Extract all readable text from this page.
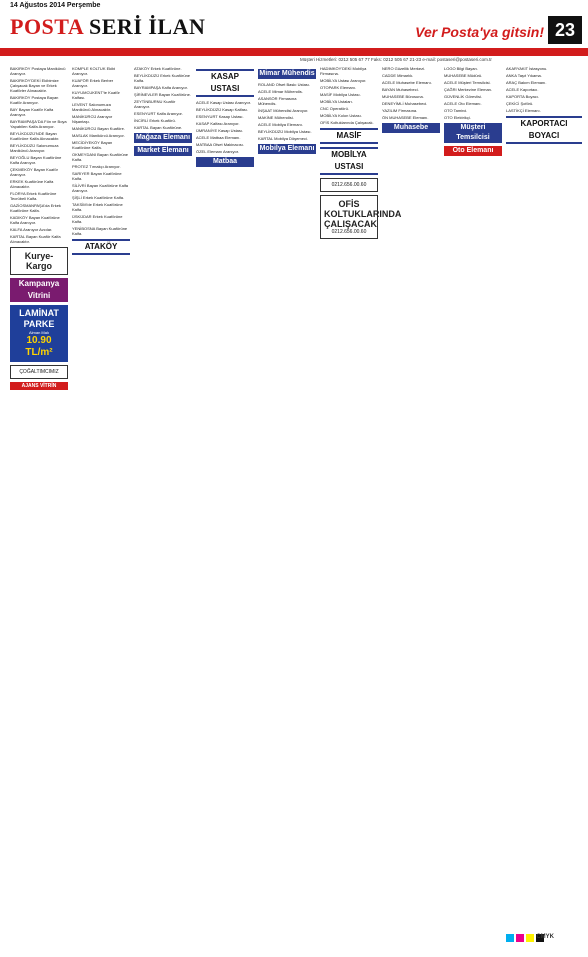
14 Ağustos 2014 Perşembe
POSTA SERİ İLAN	Ver Posta'ya gitsin! 23
Müşteri Hizmetleri: 0212 505 67 77 Faks: 0212 505 67 21-23 e-mail: postaseri@postaseri.com.tr

BAKIRKÖY Postaya Manikürcü Aranıyor.

BAKIRKÖY'DEKİ Ekibimize Çalışacak Bayan ve Erkek Kuaförler Alınacaktır.

BAKIRKÖY Postaya Bayan Kuaför Aranıyor.

BAY Bayan Kuaför Kalfa Aranıyor.

BAYRAMPAŞA'DA Fön ve Boya Yapabilen Kalfa Aranıyor.

BEYLİKDÜZÜ'NDE Bayan Kuaförüne Kalfa Alınacaktır.

BEYLİKDÜZÜ Salonumuza Manikürcü Aranıyor.

BEYOĞLU Bayan Kuaförüne Kalfa Aranıyor.

ÇEKMEKÖY Bayan Kuaför Aranıyor.

ERKEK Kuaförüne Kalfa Alınacaktır.

FLORYA Erkek Kuaförüne Tecrübeli Kalfa.

GAZİOSMANPAŞA'da Erkek Kuaförüne Kalfa.

KADIKÖY Bayan Kuaförüne Kalfa Aranıyor.

KALFA Aranıyor Avcılar.

KARTAL Bayan Kuaför Kalfa Alınacaktır.

Kurye-Kargo
Kampanya Vitrini
LAMİNAT PARKE
Alman Malı
10.90 TL/m²
ÇOĞALTIMCIMIZ
AJANS VİTRİN

KOMPLE KOLTUK Ekibi Aranıyor.

KUAFÖR Erkek Berber Aranıyor.

KUYUMCUKENT'te Kuaför Kalfası.

LEVENT Salonumuza Manikürcü Alınacaktır.

MANİKÜRCÜ Aranıyor Nişantaşı.

MANİKÜRCÜ Bayan Kuaföre.

MASLAK Manikürcü Aranıyor.

MECİDİYEKÖY Bayan Kuaförüne Kalfa.

OKMEYDANI Bayan Kuaförüne Kalfa.

PROTEZ Tırnakçı Aranıyor.

SARIYER Bayan Kuaförüne Kalfa.

SİLİVRİ Bayan Kuaförüne Kalfa Aranıyor.

ŞİŞLİ Erkek Kuaförüne Kalfa.

TAKSİM'de Erkek Kuaförüne Kalfa.

ÜSKÜDAR Erkek Kuaförüne Kalfa.

YENİBOSNA Bayan Kuaförüne Kalfa.

ATAKÖY

ATAKÖY Erkek Kuaförüne.

BEYLİKDÜZÜ Erkek Kuaförüne Kalfa.

BAYRAMPAŞA Kalfa Aranıyor.

ŞİRİNEVLER Bayan Kuaförüne.

ZEYTİNBURNU Kuaför Aranıyor.

ESENYURT Kalfa Aranıyor.

İNCİRLİ Erkek Kuaförü.

KARTAL Bayan Kuaförüne.

Mağaza Elemanı
Market Elemanı
KASAP USTASI

ACELE Kasap Ustası Aranıyor.

BEYLİKDÜZÜ Kasap Kalfası.

ESENYURT Kasap Ustası.

KASAP Kalfası Aranıyor.

ÜMRANİYE Kasap Ustası.

ACELE Matbaa Elemanı.

MATBAA Ofset Makinacısı.

ÖZEL Elemanı Aranıyor.

Matbaa
Mimar Mühendis

ROLAND Ofset Baskı Ustası.

ACELE Mimar Mühendis.

ASANSÖR Firmasına Mühendis.

İNŞAAT Mühendisi Aranıyor.

MAKİNE Mühendisi.

ACELE Mobilya Elemanı.

BEYLİKDÜZÜ Mobilya Ustası.

KARTAL Mobilya Döşemeci.

Mobilya Elemanı

HADIMKÖY'DEKİ Mobilya Firmasına.

MOBİLYA Ustası Aranıyor.

OTOPARK Elemanı.

MASİF Mobilya Ustası.

MOBİLYA Ustaları.

CNC Operatörü.

MOBİLYA Kolon Ustası.

OFİS Koltuklarında Çalışacak.

MASİF
MOBİLYA USTASI
0212.656.00.60
OFİS KOLTUKLARINDA ÇALIŞACAK
0212.656.00.60

NERO Güzellik Merkezi.

CADDE Mimarlık.

ACELE Muhasebe Elemanı.

BAYAN Muhasebeci.

MUHASEBE Bürosuna.

DENEYİMLİ Muhasebeci.

YAZILIM Firmasına.

ÖN MUHASEBE Elemanı.

Muhasebe

LOGO Bilgi Bayan.

MUHASEBE Müdürü.

ACELE Müşteri Temsilcisi.

ÇAĞRI Merkezine Eleman.

GÜVENLİK Görevlisi.

ACELE Oto Elemanı.

OTO Tamirci.

OTO Elektrikçi.

Müşteri Temsilcisi
Oto Elemanı

AKARYAKIT İstasyonu.

ANKA Taşıt Yıkama.

ARAÇ Bakım Elemanı.

ACELE Kaportacı.

KAPORTA Boyacı.

ÇEKİCİ Şoförü.

LASTİKÇİ Elemanı.

KAPORTACI BOYACI
CMYK
